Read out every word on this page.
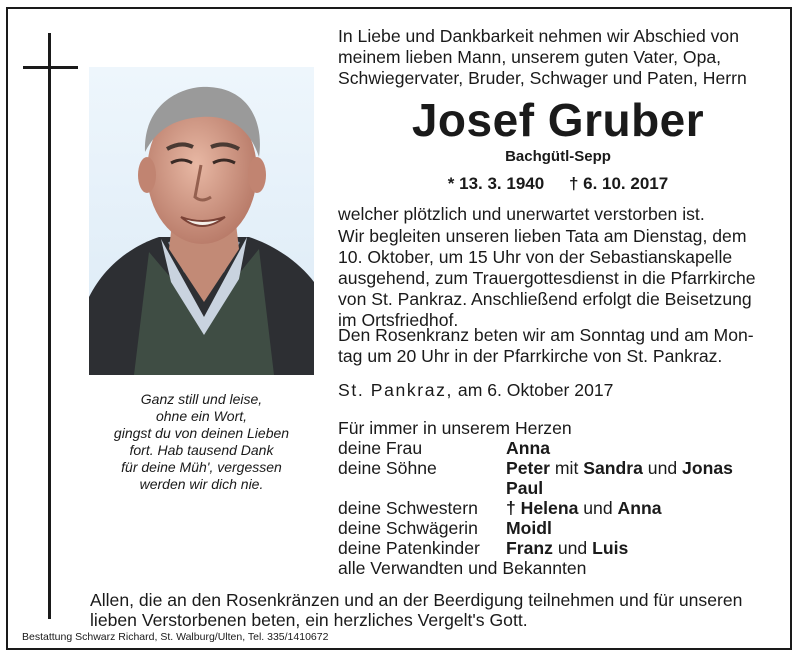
Ganz still und leise,
ohne ein Wort,
gingst du von deinen Lieben
fort. Hab tausend Dank
für deine Müh', vergessen
werden wir dich nie.
In Liebe und Dankbarkeit nehmen wir Abschied von
meinem lieben Mann, unserem guten Vater, Opa,
Schwiegervater, Bruder, Schwager und Paten, Herrn
Josef Gruber
Bachgütl-Sepp
* 13. 3. 1940 † 6. 10. 2017
welcher plötzlich und unerwartet verstorben ist.
Wir begleiten unseren lieben Tata am Dienstag, dem
10. Oktober, um 15 Uhr von der Sebastianskapelle
ausgehend, zum Trauergottesdienst in die Pfarrkirche
von St. Pankraz. Anschließend erfolgt die Beisetzung
im Ortsfriedhof.
Den Rosenkranz beten wir am Sonntag und am Mon-
tag um 20 Uhr in der Pfarrkirche von St. Pankraz.
St. Pankraz, am 6. Oktober 2017
Für immer in unserem Herzen
deine Frau	Anna
deine Söhne	Peter mit Sandra und Jonas
Paul
deine Schwestern † Helena und Anna
deine Schwägerin Moidl
deine Patenkinder Franz und Luis
alle Verwandten und Bekannten
Allen, die an den Rosenkränzen und an der Beerdigung teilnehmen und für unseren
lieben Verstorbenen beten, ein herzliches Vergelt's Gott.
Bestattung Schwarz Richard, St. Walburg/Ulten, Tel. 335/1410672
